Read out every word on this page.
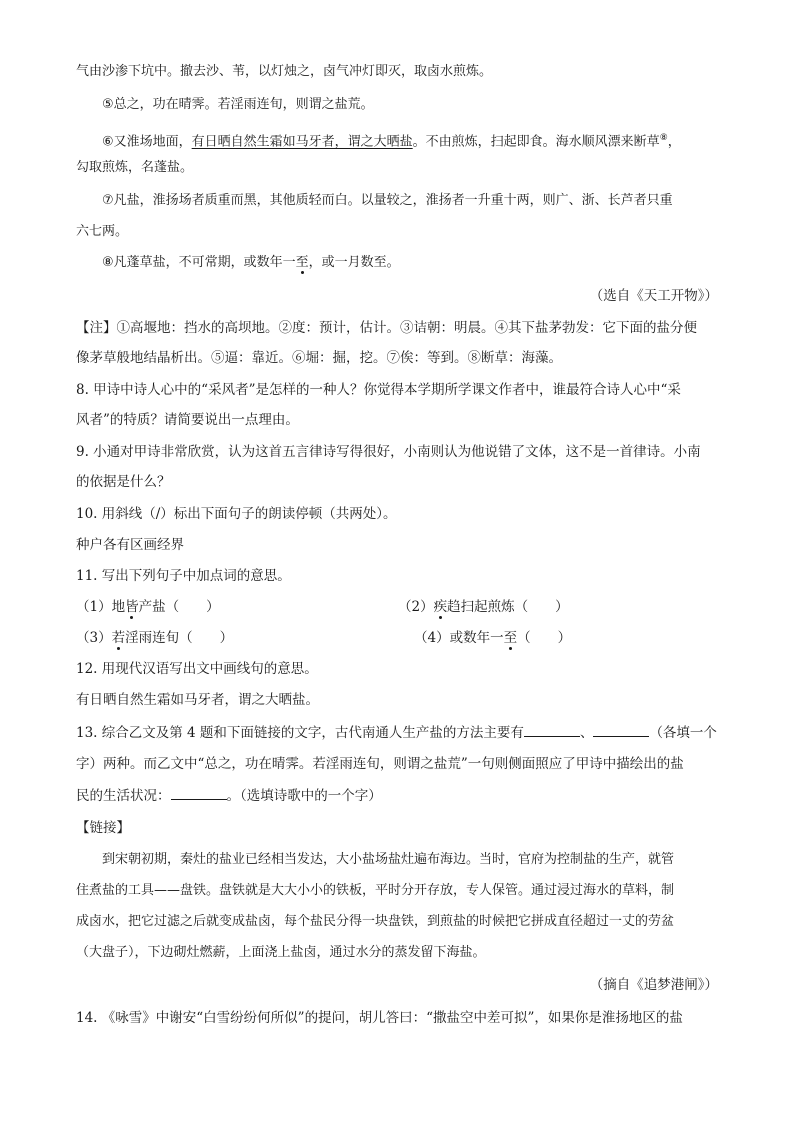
气由沙渗下坑中。撤去沙、苇，以灯烛之，卤气冲灯即灭，取卤水煎炼。
⑤总之，功在晴霁。若淫雨连旬，则谓之盐荒。
⑥又淮场地面，有日晒自然生霜如马牙者，谓之大晒盐。不由煎炼，扫起即食。海水顺风漂来断草⑧，
勾取煎炼，名蓬盐。
⑦凡盐，淮扬场者质重而黑，其他质轻而白。以量较之，淮扬者一升重十两，则广、浙、长芦者只重
六七两。
⑧凡蓬草盐，不可常期，或数年一至，或一月数至。
（选自《天工开物》）
【注】①高堰地：挡水的高坝地。②度：预计，估计。③诘朝：明晨。④其下盐茅勃发：它下面的盐分便
像茅草般地结晶析出。⑤逼：靠近。⑥堀：掘，挖。⑦俟：等到。⑧断草：海藻。
8. 甲诗中诗人心中的“采风者”是怎样的一种人？你觉得本学期所学课文作者中，谁最符合诗人心中“采
风者”的特质？请简要说出一点理由。
9. 小通对甲诗非常欣赏，认为这首五言律诗写得很好，小南则认为他说错了文体，这不是一首律诗。小南
的依据是什么？
10. 用斜线（/）标出下面句子的朗读停顿（共两处）。
种户各有区画经界
11. 写出下列句子中加点词的意思。
（1）地皆产盐（　　）	（2）疾趋扫起煎炼（　　）
（3）若淫雨连旬（　　）	（4）或数年一至（　　）
12. 用现代汉语写出文中画线句的意思。
有日晒自然生霜如马牙者，谓之大晒盐。
13. 综合乙文及第 4 题和下面链接的文字，古代南通人生产盐的方法主要有	、	（各填一个
字）两种。而乙文中“总之，功在晴霁。若淫雨连旬，则谓之盐荒”一句则侧面照应了甲诗中描绘出的盐
民的生活状况：	。（选填诗歌中的一个字）
【链接】
到宋朝初期，秦灶的盐业已经相当发达，大小盐场盐灶遍布海边。当时，官府为控制盐的生产，就管
住煮盐的工具——盘铁。盘铁就是大大小小的铁板，平时分开存放，专人保管。通过浸过海水的草料，制
成卤水，把它过滤之后就变成盐卤，每个盐民分得一块盘铁，到煎盐的时候把它拼成直径超过一丈的劳盆
（大盘子），下边砌灶燃薪，上面浇上盐卤，通过水分的蒸发留下海盐。
（摘自《追梦港闸》）
14. 《咏雪》中谢安“白雪纷纷何所似”的提问，胡儿答曰：“撒盐空中差可拟”，如果你是淮扬地区的盐
